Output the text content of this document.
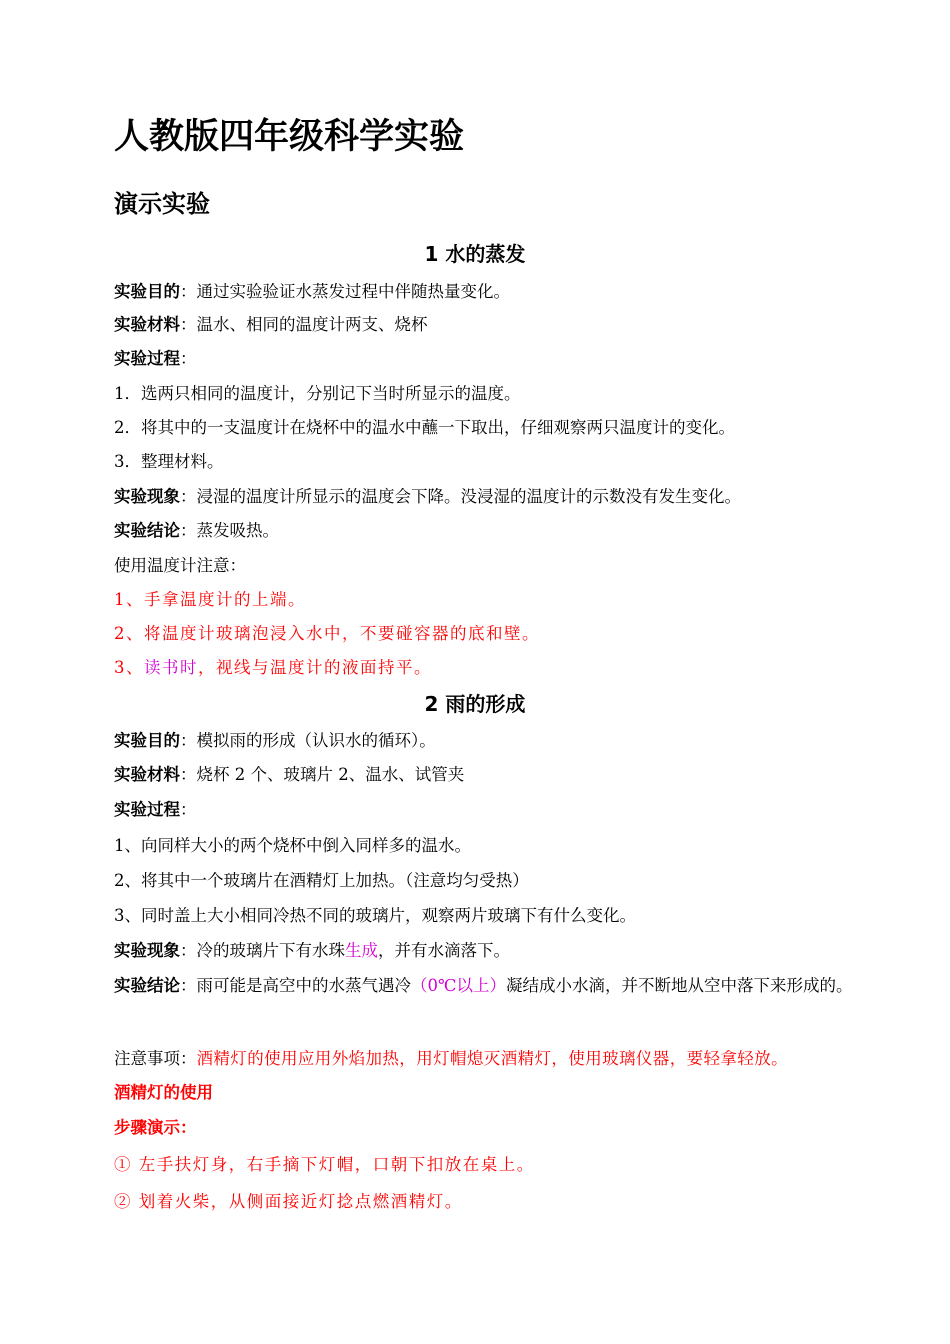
人教版四年级科学实验
演示实验
1 水的蒸发

实验目的：通过实验验证水蒸发过程中伴随热量变化。

实验材料：温水、相同的温度计两支、烧杯

实验过程：

1．选两只相同的温度计，分别记下当时所显示的温度。

2．将其中的一支温度计在烧杯中的温水中蘸一下取出，仔细观察两只温度计的变化。

3．整理材料。

实验现象：浸湿的温度计所显示的温度会下降。没浸湿的温度计的示数没有发生变化。

实验结论：蒸发吸热。

使用温度计注意：

1、手拿温度计的上端。

2、将温度计玻璃泡浸入水中，不要碰容器的底和壁。

3、读书时，视线与温度计的液面持平。

2 雨的形成

实验目的：模拟雨的形成（认识水的循环）。

实验材料：烧杯 2 个、玻璃片 2、温水、试管夹

实验过程：

1、向同样大小的两个烧杯中倒入同样多的温水。

2、将其中一个玻璃片在酒精灯上加热。（注意均匀受热）

3、同时盖上大小相同冷热不同的玻璃片，观察两片玻璃下有什么变化。

实验现象：冷的玻璃片下有水珠生成，并有水滴落下。

实验结论：雨可能是高空中的水蒸气遇冷（0℃以上）凝结成小水滴，并不断地从空中落下来形成的。

注意事项：酒精灯的使用应用外焰加热，用灯帽熄灭酒精灯，使用玻璃仪器，要轻拿轻放。

酒精灯的使用

步骤演示：

① 左手扶灯身，右手摘下灯帽，口朝下扣放在桌上。

② 划着火柴，从侧面接近灯捻点燃酒精灯。
